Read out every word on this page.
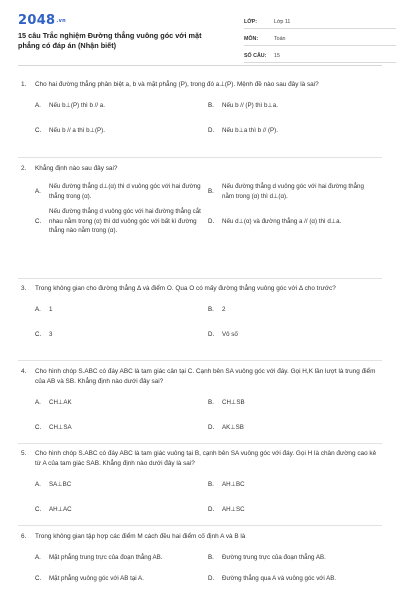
2048.vn
15 câu Trắc nghiệm Đường thẳng vuông góc với mặt phẳng có đáp án (Nhận biết)
LỚP:	Lớp 11
MÔN:	Toán
SỐ CÂU:	15
1.	Cho hai đường thẳng phân biệt a, b và mặt phẳng (P), trong đó a⊥(P). Mệnh đề nào sau đây là sai?
A.	Nếu b⊥(P) thì b // a.	B.	Nếu b // (P) thì b⊥a.
C.	Nếu b // a thì b⊥(P).	D.	Nếu b⊥a thì b // (P).
2.	Khẳng định nào sau đây sai?
A.
Nếu đường thẳng d⊥(α) thì d vuông góc với hai đường thẳng trong (α).
B.
Nếu đường thẳng d vuông góc với hai đường thẳng nằm trong (α) thì d⊥(α).
C.
Nếu đường thẳng d vuông góc với hai đường thẳng cắt nhau nằm trong (α) thì dd vuông góc với bất kì đường thẳng nào nằm trong (α).
D.	Nếu d⊥(α) và đường thẳng a // (α) thì d⊥a.
3.	Trong không gian cho đường thẳng Δ và điểm O. Qua O có mấy đường thẳng vuông góc với Δ cho trước?
A.	1	B.	2
C.	3	D.	Vô số
4.	Cho hình chóp S.ABC có đáy ABC là tam giác cân tại C. Cạnh bên SA vuông góc với đáy. Gọi H,K lần lượt là trung điểm của AB và SB. Khẳng định nào dưới đây sai?
A.	CH⊥AK	B.	CH⊥SB
C.	CH⊥SA	D.	AK⊥SB
5.	Cho hình chóp S.ABC có đáy ABC là tam giác vuông tại B, cạnh bên SA vuông góc với đáy. Gọi H là chân đường cao kẻ từ A của tam giác SAB. Khẳng định nào dưới đây là sai?
A.	SA⊥BC	B.	AH⊥BC
C.	AH⊥AC	D.	AH⊥SC
6.	Trong không gian tập hợp các điểm M cách đều hai điểm cố định A và B là
A.	Mặt phẳng trung trực của đoạn thẳng AB.	B.	Đường trung trực của đoạn thẳng AB.
C.	Mặt phẳng vuông góc với AB tại A.	D.	Đường thẳng qua A và vuông góc với AB.
